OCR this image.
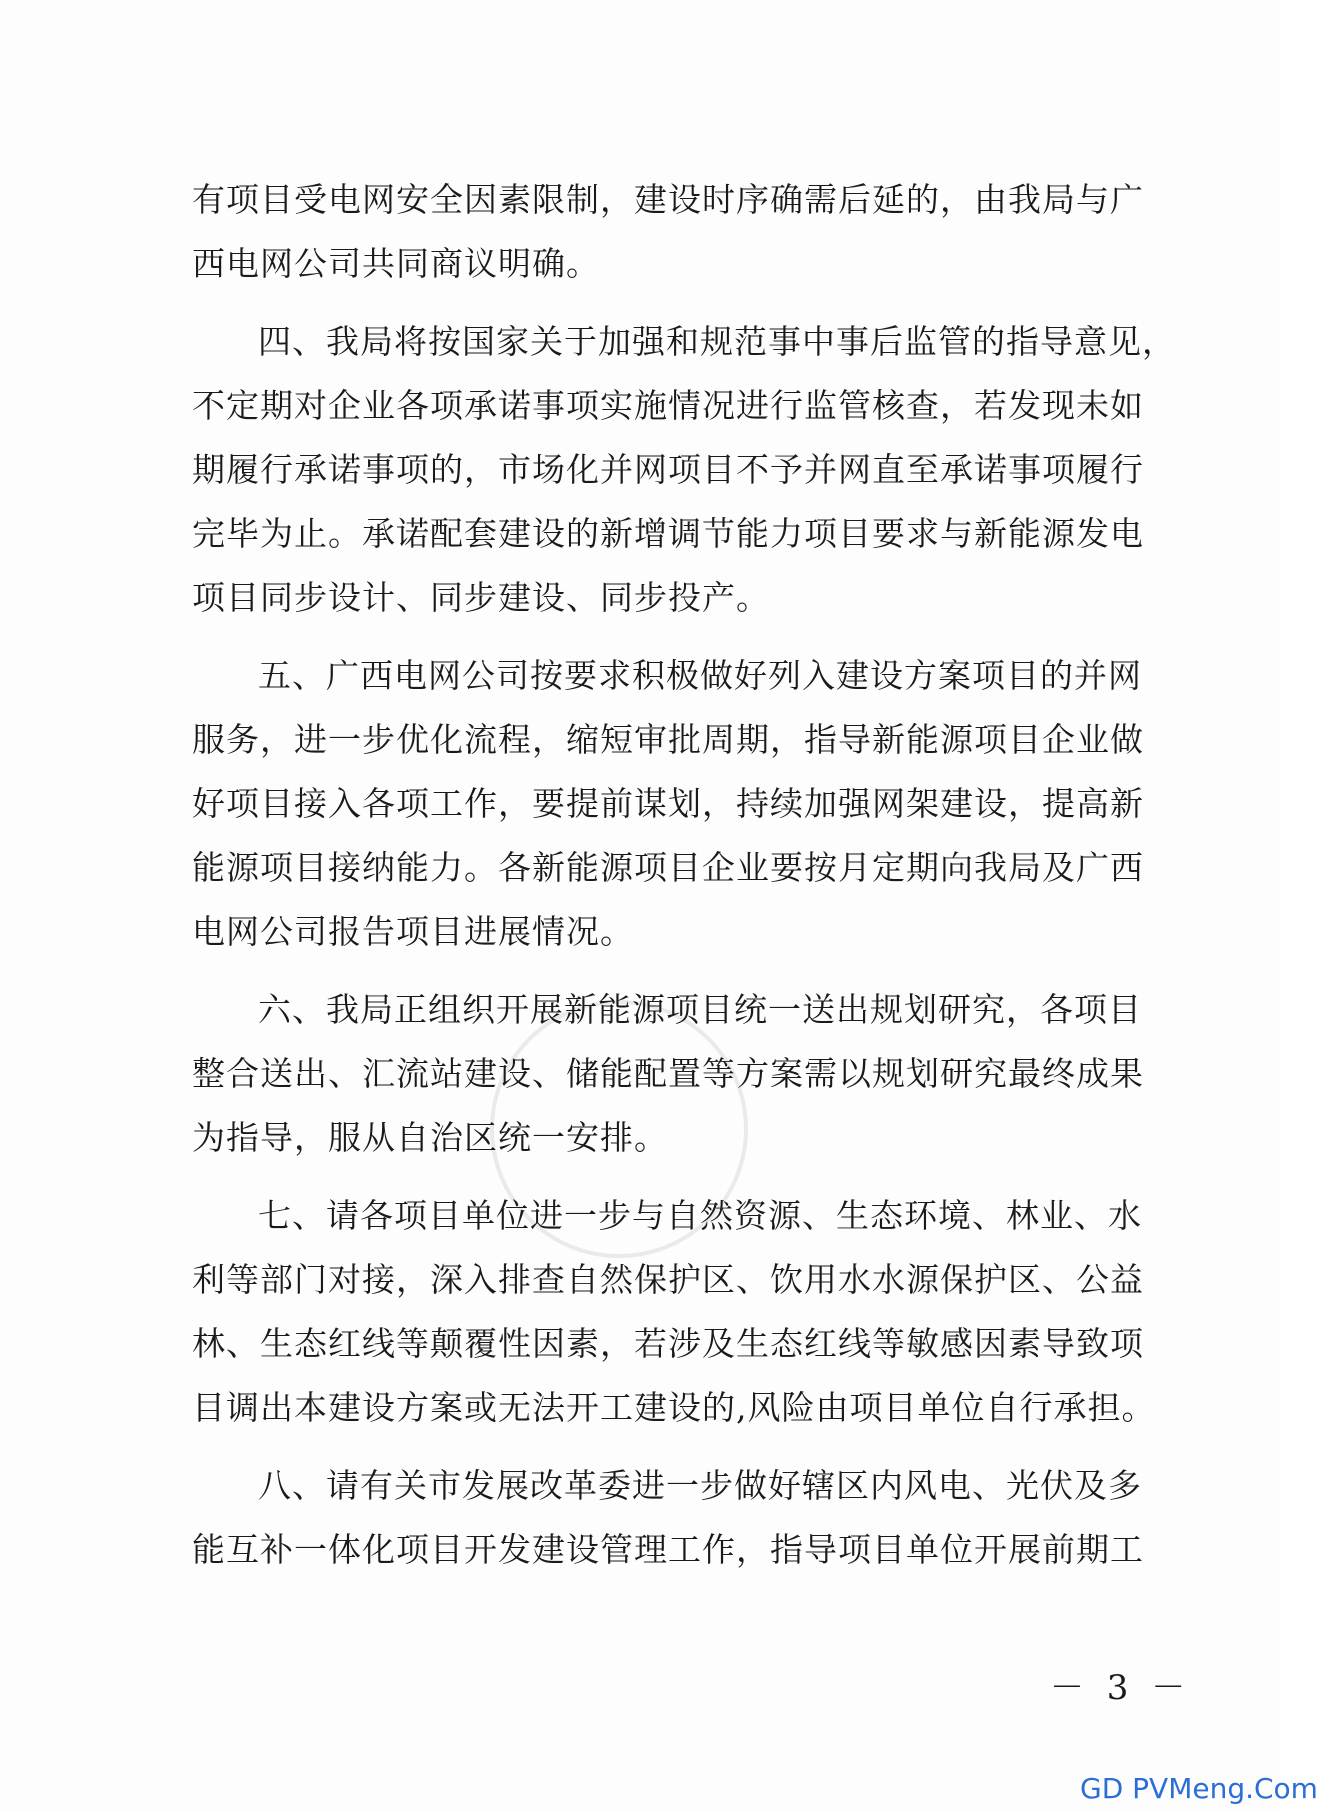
有项目受电网安全因素限制，建设时序确需后延的，由我局与广
西电网公司共同商议明确。
四、我局将按国家关于加强和规范事中事后监管的指导意见，
不定期对企业各项承诺事项实施情况进行监管核查，若发现未如
期履行承诺事项的，市场化并网项目不予并网直至承诺事项履行
完毕为止。承诺配套建设的新增调节能力项目要求与新能源发电
项目同步设计、同步建设、同步投产。
五、广西电网公司按要求积极做好列入建设方案项目的并网
服务，进一步优化流程，缩短审批周期，指导新能源项目企业做
好项目接入各项工作，要提前谋划，持续加强网架建设，提高新
能源项目接纳能力。各新能源项目企业要按月定期向我局及广西
电网公司报告项目进展情况。
六、我局正组织开展新能源项目统一送出规划研究，各项目
整合送出、汇流站建设、储能配置等方案需以规划研究最终成果
为指导，服从自治区统一安排。
七、请各项目单位进一步与自然资源、生态环境、林业、水
利等部门对接，深入排查自然保护区、饮用水水源保护区、公益
林、生态红线等颠覆性因素，若涉及生态红线等敏感因素导致项
目调出本建设方案或无法开工建设的,风险由项目单位自行承担。
八、请有关市发展改革委进一步做好辖区内风电、光伏及多
能互补一体化项目开发建设管理工作，指导项目单位开展前期工
－ 3 －
GD PVMeng.Com
